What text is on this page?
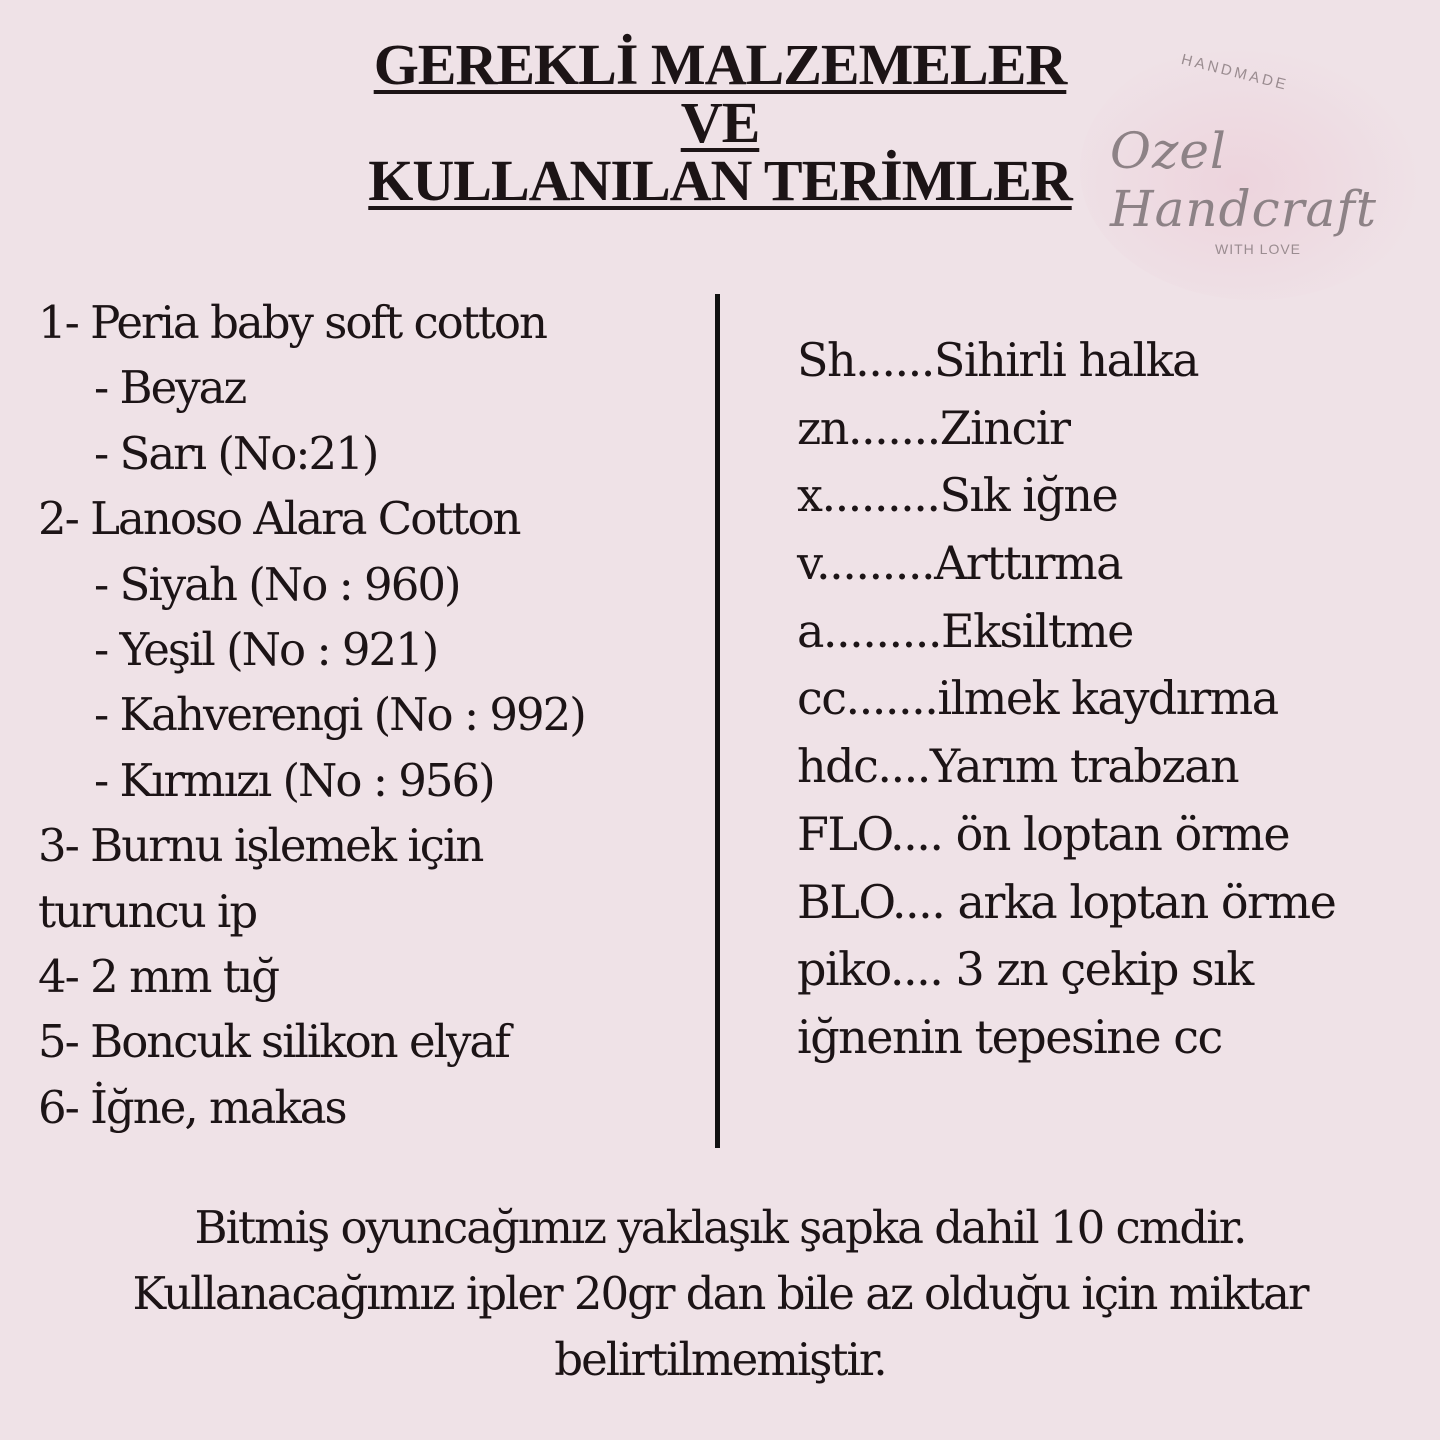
GEREKLİ MALZEMELER
VE
KULLANILAN TERİMLER
HANDMADE
Ozel Handcraft
WITH LOVE
1- Peria baby soft cotton
- Beyaz
- Sarı (No:21)
2- Lanoso Alara Cotton
- Siyah (No : 960)
- Yeşil (No : 921)
- Kahverengi (No : 992)
- Kırmızı (No : 956)
3- Burnu işlemek için
turuncu ip
4- 2 mm tığ
5- Boncuk silikon elyaf
6- İğne, makas
Sh......Sihirli halka
zn.......Zincir
x.........Sık iğne
v.........Arttırma
a.........Eksiltme
cc.......ilmek kaydırma
hdc....Yarım trabzan
FLO.... ön loptan örme
BLO.... arka loptan örme
piko.... 3 zn çekip sık
iğnenin tepesine cc
Bitmiş oyuncağımız yaklaşık şapka dahil 10 cmdir.
Kullanacağımız ipler 20gr dan bile az olduğu için miktar
belirtilmemiştir.
